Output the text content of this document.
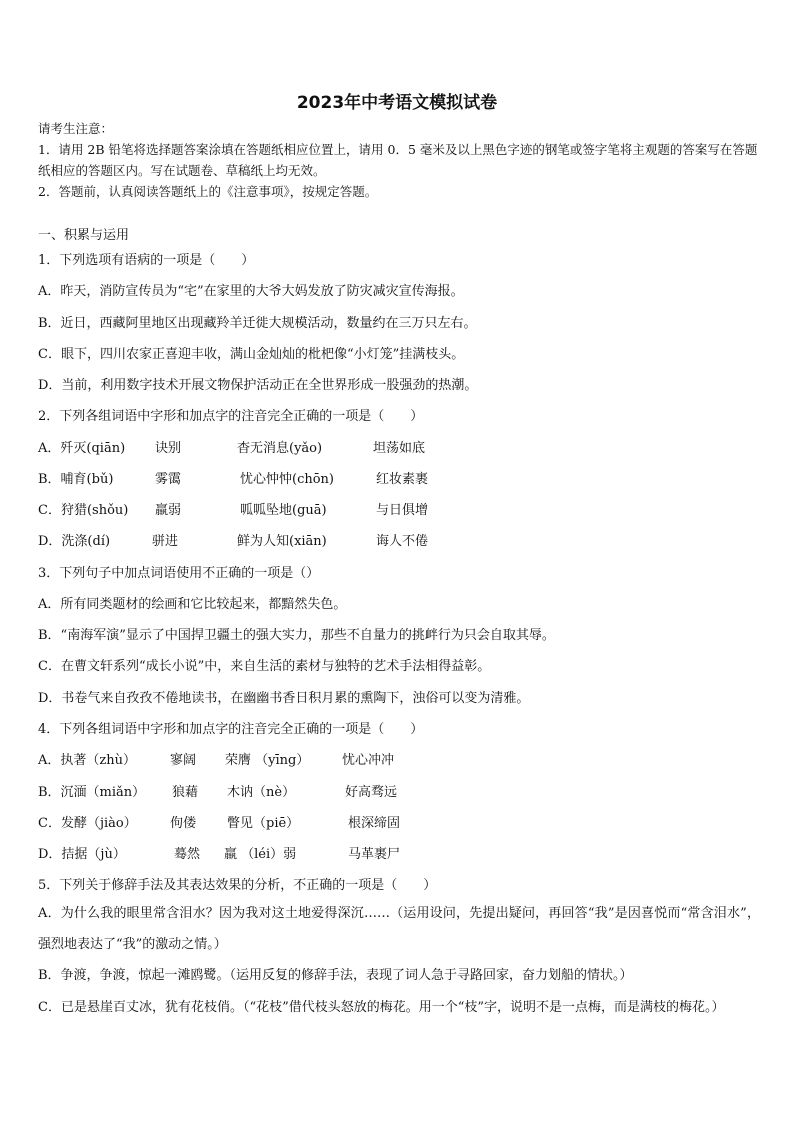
2023年中考语文模拟试卷
请考生注意：
1．请用 2B 铅笔将选择题答案涂填在答题纸相应位置上，请用 0．5 毫米及以上黑色字迹的钢笔或签字笔将主观题的答案写在答题纸相应的答题区内。写在试题卷、草稿纸上均无效。
2．答题前，认真阅读答题纸上的《注意事项》，按规定答题。
一、积累与运用
1．下列选项有语病的一项是（　　）
A．昨天，消防宣传员为“宅”在家里的大爷大妈发放了防灾减灾宣传海报。
B．近日，西藏阿里地区出现藏羚羊迁徙大规模活动，数量约在三万只左右。
C．眼下，四川农家正喜迎丰收，满山金灿灿的枇杷像“小灯笼”挂满枝头。
D．当前，利用数字技术开展文物保护活动正在全世界形成一股强劲的热潮。
2．下列各组词语中字形和加点字的注音完全正确的一项是（　　）
A．歼灭(qiān) 诀别	杳无消息(yǎo)	坦荡如底
B．哺育(bǔ)	雾霭	忧心忡忡(chōn)	红妆素裹
C．狩猎(shǒu) 羸弱	呱呱坠地(guā)	与日俱增
D．洗涤(dí)	骈进	鲜为人知(xiān)	诲人不倦
3．下列句子中加点词语使用不正确的一项是（）
A．所有同类题材的绘画和它比较起来，都黯然失色。
B．“南海军演”显示了中国捍卫疆土的强大实力，那些不自量力的挑衅行为只会自取其辱。
C．在曹文轩系列“成长小说”中，来自生活的素材与独特的艺术手法相得益彰。
D．书卷气来自孜孜不倦地读书，在幽幽书香日积月累的熏陶下，浊俗可以变为清雅。
4．下列各组词语中字形和加点字的注音完全正确的一项是（　　）
A．执著（zhù）	寥阔 荣膺 （yīng）	忧心冲冲
B．沉湎（miǎn） 狼藉 木讷（nè）	好高骛远
C．发酵（jiào）	佝偻 瞥见（piē）	根深缔固
D．拮据（jù）	蓦然 羸 （léi）弱	马革裹尸
5．下列关于修辞手法及其表达效果的分析，不正确的一项是（　　）
A．为什么我的眼里常含泪水？因为我对这土地爱得深沉……（运用设问，先提出疑问，再回答“我”是因喜悦而“常含泪水”，强烈地表达了“我”的激动之情。）
B．争渡，争渡，惊起一滩鸥鹭。（运用反复的修辞手法，表现了词人急于寻路回家，奋力划船的情状。）
C．已是悬崖百丈冰，犹有花枝俏。（“花枝”借代枝头怒放的梅花。用一个“枝”字，说明不是一点梅，而是满枝的梅花。）
